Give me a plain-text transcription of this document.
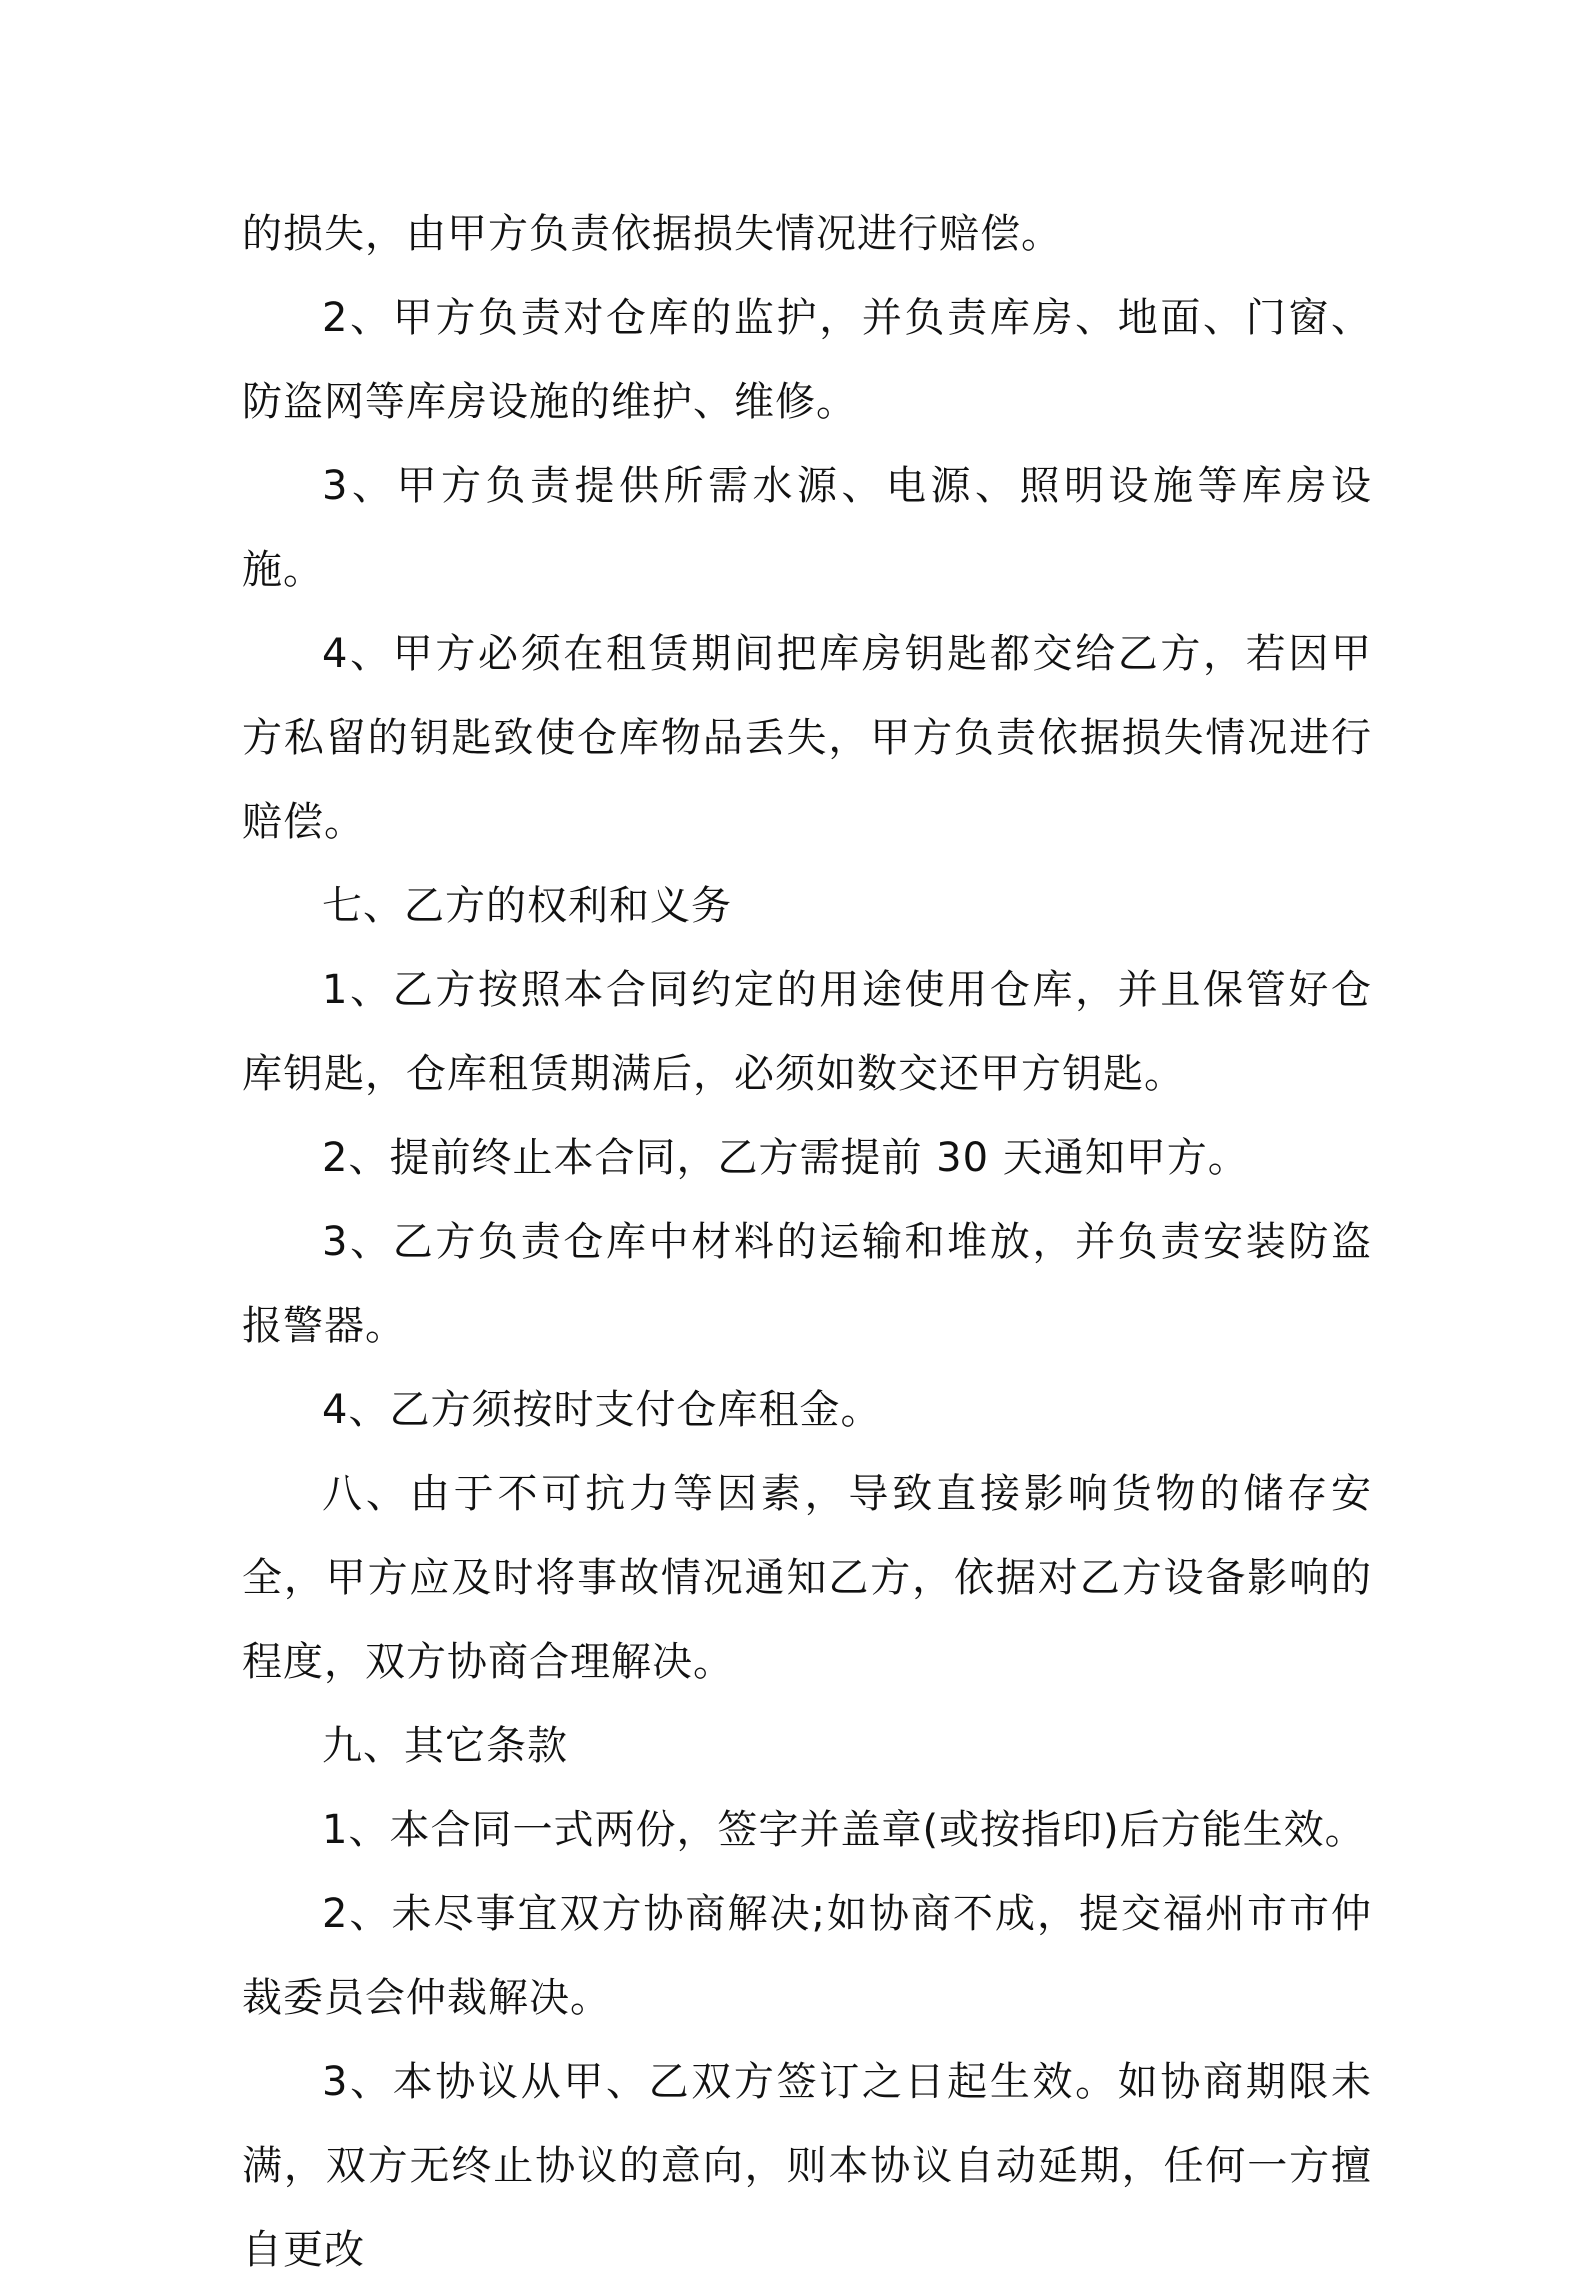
的损失，由甲方负责依据损失情况进行赔偿。

2、甲方负责对仓库的监护，并负责库房、地面、门窗、防盗网等库房设施的维护、维修。

3、甲方负责提供所需水源、电源、照明设施等库房设施。

4、甲方必须在租赁期间把库房钥匙都交给乙方，若因甲方私留的钥匙致使仓库物品丢失，甲方负责依据损失情况进行赔偿。

七、乙方的权利和义务

1、乙方按照本合同约定的用途使用仓库，并且保管好仓库钥匙，仓库租赁期满后，必须如数交还甲方钥匙。

2、提前终止本合同，乙方需提前 30 天通知甲方。

3、乙方负责仓库中材料的运输和堆放，并负责安装防盗报警器。

4、乙方须按时支付仓库租金。

八、由于不可抗力等因素，导致直接影响货物的储存安全，甲方应及时将事故情况通知乙方，依据对乙方设备影响的程度，双方协商合理解决。

九、其它条款

1、本合同一式两份，签字并盖章(或按指印)后方能生效。

2、未尽事宜双方协商解决;如协商不成，提交福州市市仲裁委员会仲裁解决。

3、本协议从甲、乙双方签订之日起生效。如协商期限未满，双方无终止协议的意向，则本协议自动延期，任何一方擅自更改
